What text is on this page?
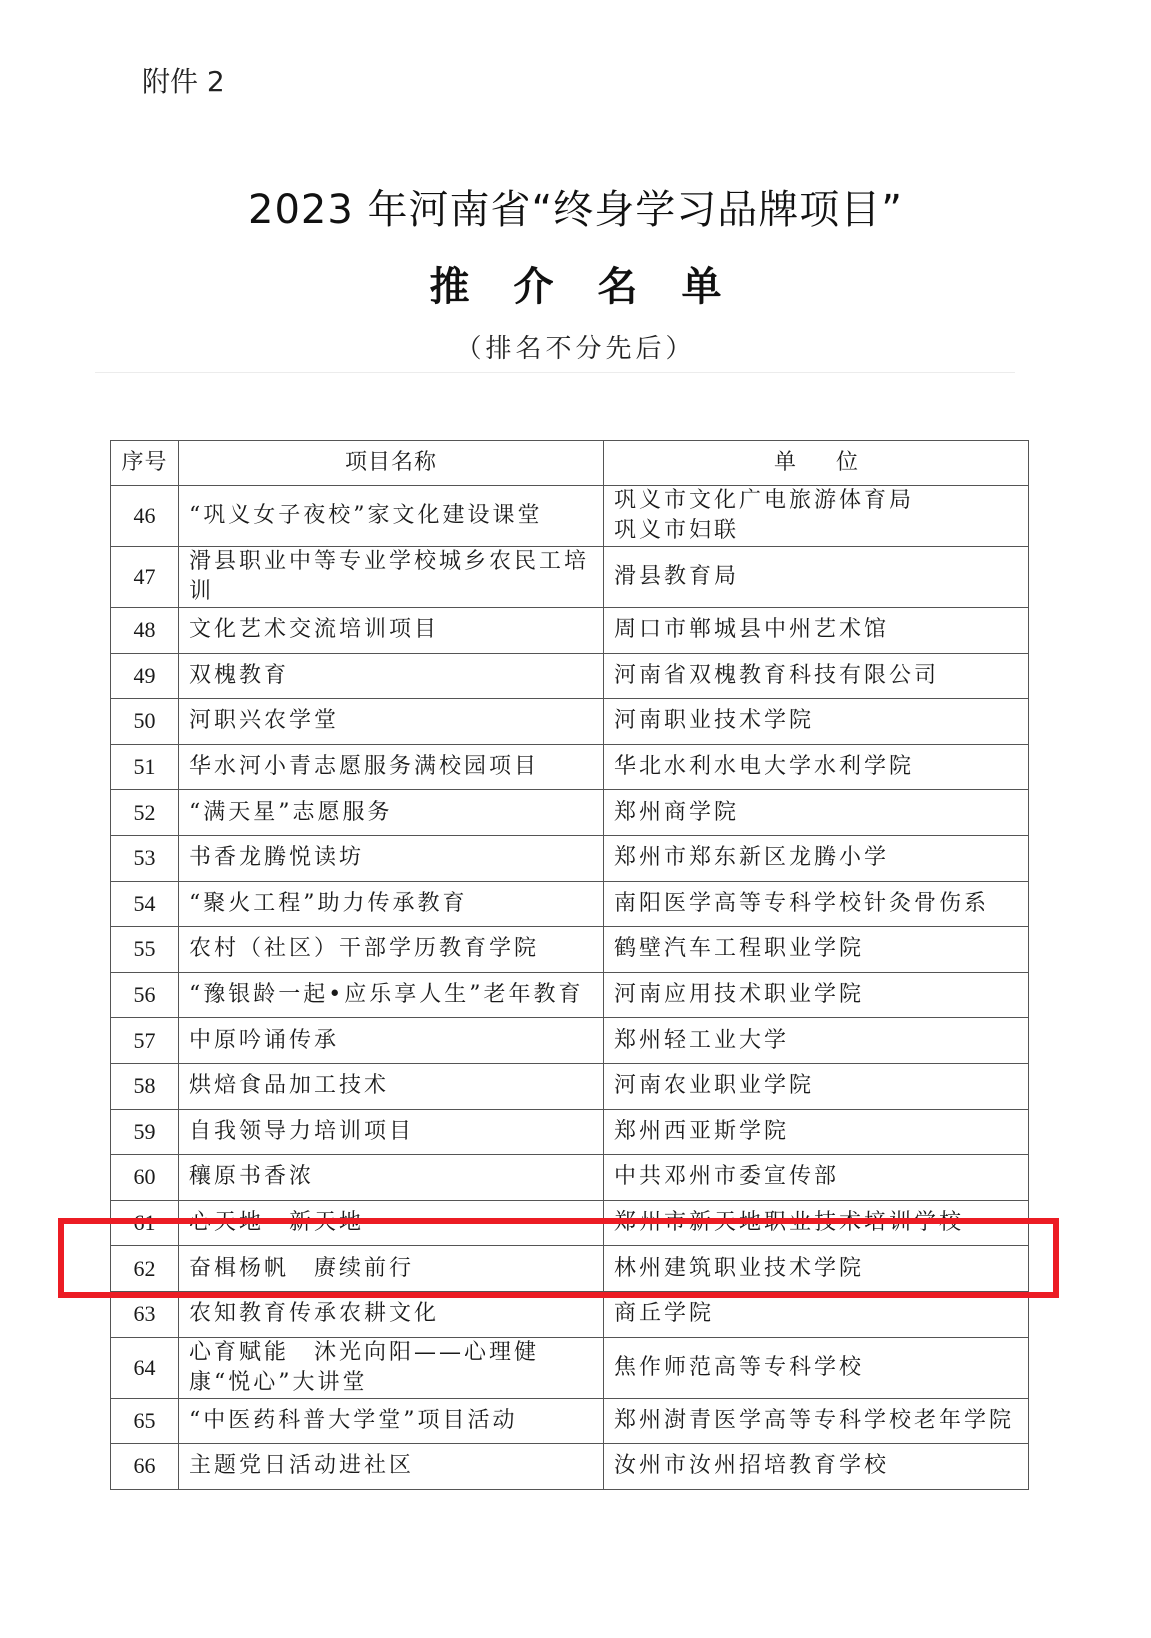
附件 2
2023 年河南省“终身学习品牌项目”
推介名单
（排名不分先后）
序号	项目名称	单位
46	“巩义女子夜校”家文化建设课堂	巩义市文化广电旅游体育局
巩义市妇联
47	滑县职业中等专业学校城乡农民工培训	滑县教育局
48	文化艺术交流培训项目	周口市郸城县中州艺术馆
49	双槐教育	河南省双槐教育科技有限公司
50	河职兴农学堂	河南职业技术学院
51	华水河小青志愿服务满校园项目	华北水利水电大学水利学院
52	“满天星”志愿服务	郑州商学院
53	书香龙腾悦读坊	郑州市郑东新区龙腾小学
54	“聚火工程”助力传承教育	南阳医学高等专科学校针灸骨伤系
55	农村（社区）干部学历教育学院	鹤壁汽车工程职业学院
56	“豫银龄一起•应乐享人生”老年教育	河南应用技术职业学院
57	中原吟诵传承	郑州轻工业大学
58	烘焙食品加工技术	河南农业职业学院
59	自我领导力培训项目	郑州西亚斯学院
60	穰原书香浓	中共邓州市委宣传部
61	心天地　新天地	郑州市新天地职业技术培训学校
62	奋楫杨帆　赓续前行	林州建筑职业技术学院
63	农知教育传承农耕文化	商丘学院
64	心育赋能　沐光向阳——心理健康“悦心”大讲堂	焦作师范高等专科学校
65	“中医药科普大学堂”项目活动	郑州澍青医学高等专科学校老年学院
66	主题党日活动进社区	汝州市汝州招培教育学校
